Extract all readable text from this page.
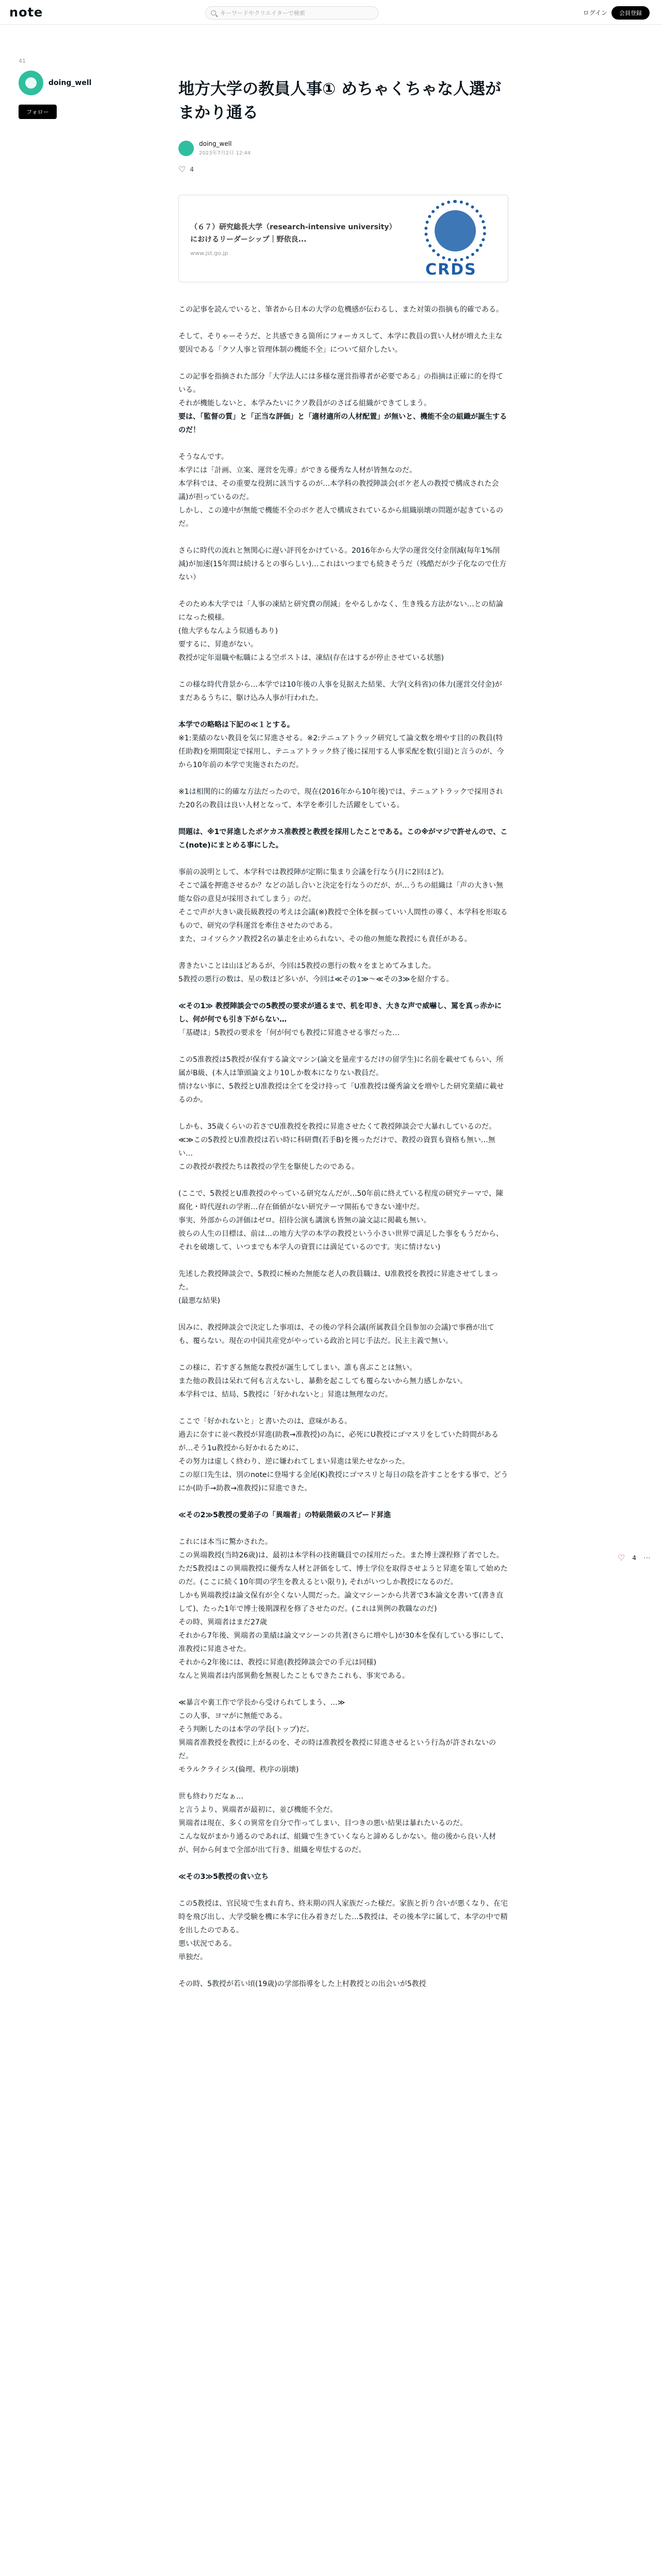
note	キーワードやクリエイターで検索	ログイン	会員登録
41
doing_well
フォロー
地方大学の教員人事① めちゃくちゃな人選がまかり通る
doing_well
2023年7月2日 12:44
♡ 4
（６７）研究総長大学（research-intensive university）におけるリーダーシップ｜野依良...
www.jst.go.jp
CRDS
この記事を読んでいると、筆者から日本の大学の危機感が伝わるし、また対策の指摘も的確である。
そして、そりゃーそうだ、と共感できる箇所にフォーカスして、本学に教員の質い人材が増えた主な要因である「クソ人事と管理体制の機能不全」について紹介したい。
この記事を指摘された部分「大学法人には多様な運営指導者が必要である」の指摘は正確に的を得ている。
それが機能しないと、本学みたいにクソ教員がのさばる組織ができてしまう。
要は、「監督の質」と「正当な評価」と「適材適所の人材配置」が無いと、機能不全の組織が誕生するのだ！
そうなんです。
本学には「計画、立案、運営を先導」ができる優秀な人材が皆無なのだ。
本学科では、その重要な役割に該当するのが…本学科の教授陣談会(ボケ老人の教授で構成された会議)が担っているのだ。
しかし、この連中が無能で機能不全のボケ老人で構成されているから組織崩壊の問題が起きているのだ。
さらに時代の流れと無関心に遅い評刊をかけている。2016年から大学の運営交付金削減(毎年1%削減)が加速(15年間は続けるとの事らしい)…これはいつまでも続きそうだ（残酷だが少子化なので仕方ない）
そのため本大学では「人事の凍結と研究費の削減」をやるしかなく、生き残る方法がない…との結論になった模様。
(他大学もなんよう似通もあり)
要するに、昇進がない。
教授が定年退職や転職による空ポストは、凍結(存在はするが停止させている状態)
この様な時代背景から…本学では10年後の人事を見据えた結果、大学(文科省)の体力(運営交付金)がまだあるうちに、駆け込み人事が行われた。
本学での略略は下記の≪１とする。
※1:業績のない教員を気に昇進させる。※2:テニュアトラック研究して論文数を増やす目的の教員(特任助教)を期間限定で採用し、テニュアトラック終了後に採用する人事采配を数(引退)と言うのが、今から10年前の本学で実施されたのだ。
※1は相関的に的確な方法だったので、現在(2016年から10年後)では、テニュアトラックで採用された20名の教員は良い人材となって、本学を牽引した活躍をしている。
問題は、※1で昇進したボケカス准教授と教授を採用したことである。この※がマジで許せんので、ここ(note)にまとめる事にした。
事前の説明として、本学科では教授陣が定期に集まり会議を行なう(月に2回ほど)。
そこで議を押進させるか？などの話し合いと決定を行なうのだが、が…うちの組織は「声の大きい無能な俗の意見が採用されてしまう」のだ。
そこで声が大きい歳長級教授の考えは会議(※)教授で全体を掴っていい人間性の導く、本学科を形取るもので、研究の学科運営を牽住させたのである。
また、コイツらクソ教授2名の暴走を止められない、その他の無能な教授にも責任がある。
書きたいことは山ほどあるが、今回は5教授の悪行の数々をまとめてみました。
5教授の悪行の数は、星の数ほど多いが、今回は≪その1≫〜≪その3≫を紹介する。
≪その1≫ 教授陣談会での5教授の要求が通るまで、机を叩き、大きな声で威嚇し、罵を真っ赤かにし、何が何でも引き下がらない…
「基礎は」5教授の要求を「何が何でも教授に昇進させる事だった…
この5准教授は5教授が保有する論文マシン(論文を量産するだけの留学生)に名前を載せてもらい、所属がB級、(本人は筆頭論文より10しか数本になりない教員だ。
情けない事に、5教授とU准教授は全てを受け持って「U准教授は優秀論文を増やした研究業績に載せるのか。
しかも、35歳くらいの若さでU准教授を教授に昇進させたくて教授陣談会で大暴れしているのだ。
≪≫この5教授とU准教授は若い時に科研費(若手B)を獲っただけで、教授の資質も資格も無い…無い…
この教授が教授たちは教授の学生を駆使したのである。
(ここで、5教授とU准教授のやっている研究なんだが…50年前に終えている程度の研究テーマで、陳腐化・時代遅れの学術…存在価値がない研究テーマ開拓もできない連中だ。
事実、外部からの評価はゼロ。招待公演も講演も皆無の論文誌に掲載も無い。
彼らの人生の目標は、前は…の地方大学の本学の教授という小さい世界で満足した事をもうだから、それを破壊して、いつまでも本学人の資質には満足ているのです。実に情けない)
先述した教授陣談会で、5教授に極めた無能な老人の教員職は、U准教授を教授に昇進させてしまった。
(最悪な結果)
因みに、教授陣談会で決定した事項は、その後の学科会議(所属教員全員参加の会議)で事務が出ても、覆らない。現在の中国共産党がやっている政治と同じ手法だ。民主主義で無い。
この様に、若すぎる無能な教授が誕生してしまい、誰も喜ぶことは無い。
また他の教員は呆れて何も言えないし、暴動を起こしても覆らないから無力感しかない。
本学科では、結局、5教授に「好かれないと」昇進は無理なのだ。
ここで「好かれないと」と書いたのは、意味がある。
過去に奈すに並べ教授が昇進(助教→准教授)の為に、必死にU教授にゴマスリをしていた時間があるが…そう1u教授から好かれるために、
その努力は虚しく終わり、逆に嫌われてしまい昇進は果たせなかった。
この原口先生は、別のnoteに登場する金尾(K)教授にゴマスリと毎日の陰を許すことをする事で、どうにか(助手→助教→准教授)に昇進できた。
≪その2≫5教授の愛弟子の「異端者」の特級階級のスピード昇進
これには本当に驚かされた。
この異端教授(当時26歳)は、最初は本学科の技術職員での採用だった。また博士課程修了者でした。ただ5教授はこの異端教授に優秀な人材と評価をして、博士学位を取得させようと昇進を策して始めたのだ。(ここに続く10年間の学生を教えるとい限り), それがいつしか教授になるのだ。
しかも異端教授は論文保有が全くない人間だった。論文マシーンから共著で3本論文を書いて(書き直して)、たった1年で博士後期課程を修了させたのだ。(これは異例の教職なのだ)
その時、異端者はまだ27歳
それから7年後、異端者の業績は論文マシーンの共著(さらに増やし)が30本を保有している事にして、准教授に昇進させた。
それから2年後には、教授に昇進(教授陣談会での手元は同様)
なんと異端者は内部異動を無視したこともできたこれも、事実である。
≪暴言や裏工作で学長から受けられてしまう、…≫
この人事、ヨマがに無能である。
そう判断したのは本学の学長(トップ)だ。
異端者准教授を教授に上がるのを、その時は准教授を教授に昇進させるという行為が許されないのだ。
モラルクライシス(倫理、秩序の崩壊)
世も終わりだなぁ…
と言うより、異端者が最初に、並び機能不全だ。
異端者は現在、多くの異常を自分で作ってしまい、目つきの悪い結果は暴れたいるのだ。
こんな奴がまかり通るのであれば、組織で生きていくならと諦めるしかない。他の後から良い人材が、何から何まで全部が出て行き、組織を卑怯するのだ。
≪その3≫5教授の食い立ち
この5教授は、官民境で生まれ育ち、終末期の四人家族だった様だ。家族と折り合いが悪くなり、在宅時を飛び出し、大学受験を機に本学に住み着きだした…5教授は、その後本学に属して、本学の中で精を出したのである。
悪い状況である。
単独だ。
その時、5教授が若い頃(19歳)の学部指導をした上村教授との出会いが5教授
♡ 4 ⋯
